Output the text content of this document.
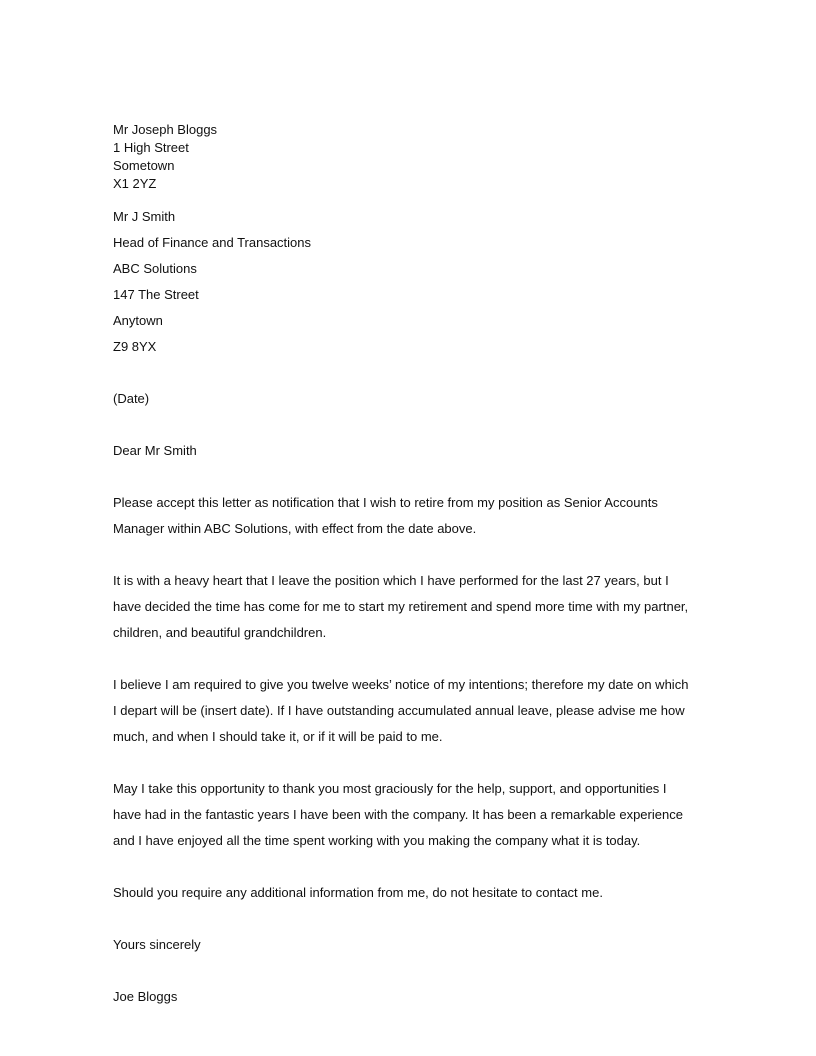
Mr Joseph Bloggs
1 High Street
Sometown
X1 2YZ
Mr J Smith
Head of Finance and Transactions
ABC Solutions
147 The Street
Anytown
Z9 8YX

(Date)

Dear Mr Smith

Please accept this letter as notification that I wish to retire from my position as Senior Accounts
Manager within ABC Solutions, with effect from the date above.

It is with a heavy heart that I leave the position which I have performed for the last 27 years, but I
have decided the time has come for me to start my retirement and spend more time with my partner,
children, and beautiful grandchildren.

I believe I am required to give you twelve weeks’ notice of my intentions; therefore my date on which
I depart will be (insert date). If I have outstanding accumulated annual leave, please advise me how
much, and when I should take it, or if it will be paid to me.

May I take this opportunity to thank you most graciously for the help, support, and opportunities I
have had in the fantastic years I have been with the company. It has been a remarkable experience
and I have enjoyed all the time spent working with you making the company what it is today.

Should you require any additional information from me, do not hesitate to contact me.

Yours sincerely

Joe Bloggs
